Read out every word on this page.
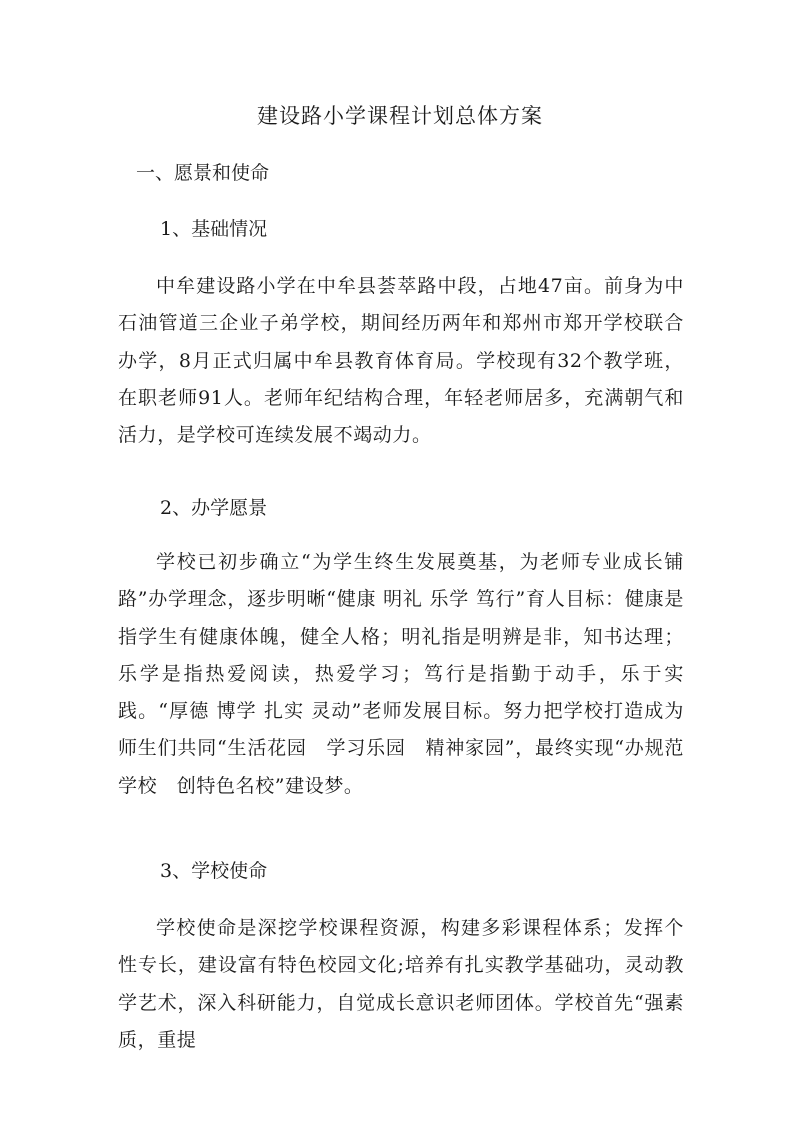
建设路小学课程计划总体方案
一、愿景和使命
1、基础情况
中牟建设路小学在中牟县荟萃路中段，占地47亩。前身为中石油管道三企业子弟学校，期间经历两年和郑州市郑开学校联合办学，8月正式归属中牟县教育体育局。学校现有32个教学班，在职老师91人。老师年纪结构合理，年轻老师居多，充满朝气和活力，是学校可连续发展不竭动力。
2、办学愿景
学校已初步确立“为学生终生发展奠基，为老师专业成长铺路”办学理念，逐步明晰“健康 明礼 乐学 笃行”育人目标：健康是指学生有健康体魄，健全人格；明礼指是明辨是非，知书达理；乐学是指热爱阅读，热爱学习；笃行是指勤于动手，乐于实践。“厚德 博学 扎实 灵动”老师发展目标。努力把学校打造成为师生们共同“生活花园　学习乐园　精神家园”，最终实现“办规范学校　创特色名校”建设梦。
3、学校使命
学校使命是深挖学校课程资源，构建多彩课程体系；发挥个性专长，建设富有特色校园文化;培养有扎实教学基础功，灵动教学艺术，深入科研能力，自觉成长意识老师团体。学校首先“强素质，重提
